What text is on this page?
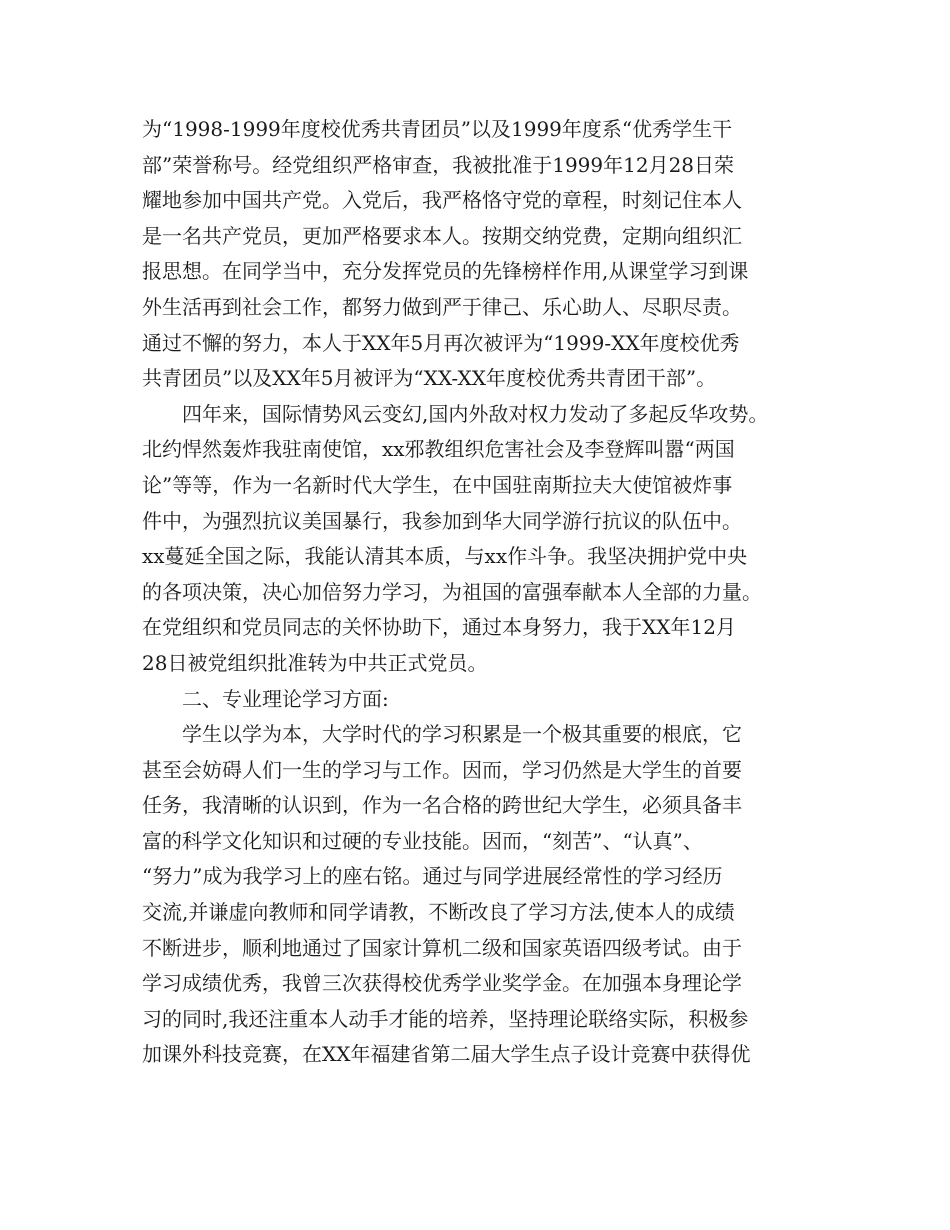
为“1998-1999年度校优秀共青团员”以及1999年度系“优秀学生干
部”荣誉称号。经党组织严格审查，我被批准于1999年12月28日荣
耀地参加中国共产党。入党后，我严格恪守党的章程，时刻记住本人
是一名共产党员，更加严格要求本人。按期交纳党费，定期向组织汇
报思想。在同学当中，充分发挥党员的先锋榜样作用,从课堂学习到课
外生活再到社会工作，都努力做到严于律己、乐心助人、尽职尽责。
通过不懈的努力，本人于XX年5月再次被评为“1999-XX年度校优秀
共青团员”以及XX年5月被评为“XX-XX年度校优秀共青团干部”。
四年来，国际情势风云变幻,国内外敌对权力发动了多起反华攻势。
北约悍然轰炸我驻南使馆，xx邪教组织危害社会及李登辉叫嚣“两国
论”等等，作为一名新时代大学生，在中国驻南斯拉夫大使馆被炸事
件中，为强烈抗议美国暴行，我参加到华大同学游行抗议的队伍中。
xx蔓延全国之际，我能认清其本质，与xx作斗争。我坚决拥护党中央
的各项决策，决心加倍努力学习，为祖国的富强奉献本人全部的力量。
在党组织和党员同志的关怀协助下，通过本身努力，我于XX年12月
28日被党组织批准转为中共正式党员。
二、专业理论学习方面:
学生以学为本，大学时代的学习积累是一个极其重要的根底，它
甚至会妨碍人们一生的学习与工作。因而，学习仍然是大学生的首要
任务，我清晰的认识到，作为一名合格的跨世纪大学生，必须具备丰
富的科学文化知识和过硬的专业技能。因而，“刻苦”、“认真”、
“努力”成为我学习上的座右铭。通过与同学进展经常性的学习经历
交流,并谦虚向教师和同学请教，不断改良了学习方法,使本人的成绩
不断进步，顺利地通过了国家计算机二级和国家英语四级考试。由于
学习成绩优秀，我曾三次获得校优秀学业奖学金。在加强本身理论学
习的同时,我还注重本人动手才能的培养，坚持理论联络实际，积极参
加课外科技竞赛，在XX年福建省第二届大学生点子设计竞赛中获得优
